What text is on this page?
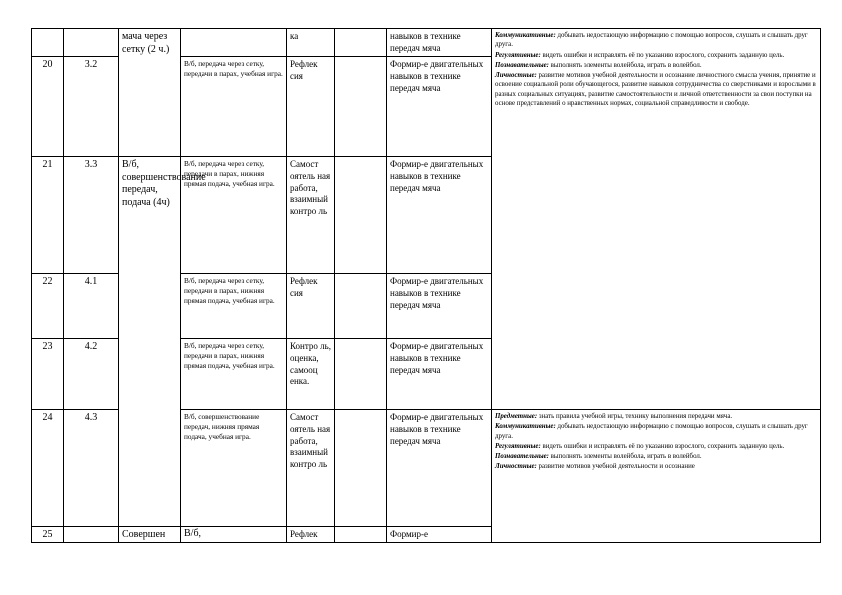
		мача через сетку (2 ч.)		ка		навыков в технике передач мяча	Коммуникативные: добывать недостающую информацию с помощью вопросов, слушать и слышать друг друга.

Регулятивные: видеть ошибки и исправлять её по указанию взрослого, сохранить заданную цель.

Познавательные: выполнять элементы волейбола, играть в волейбол.

Личностные: развитие мотивов учебной деятельности и осознание личностного смысла учения, принятие и освоение социальной роли обучающегося, развитие навыков сотрудничества со сверстниками и взрослыми в разных социальных ситуациях, развитие самостоятельности и личной ответственности за свои поступки на основе представлений о нравственных нормах, социальной справедливости и свободе.

20	3.2		В/б, передача через сетку, передачи в парах, учебная игра.	Рефлек сия		Формир-е двигательных навыков в технике передач мяча	
21	3.3	В/б, совершенствование передач, подача (4ч)	В/б, передача через сетку, передачи в парах, нижняя прямая подача, учебная игра.	Самост оятель ная работа, взаимный контро ль		Формир-е двигательных навыков в технике передач мяча	
22	4.1		В/б, передача через сетку, передачи в парах, нижняя прямая подача, учебная игра.	Рефлек сия		Формир-е двигательных навыков в технике передач мяча	
23	4.2		В/б, передача через сетку, передачи в парах, нижняя прямая подача, учебная игра.	Контро ль, оценка, самооц енка.		Формир-е двигательных навыков в технике передач мяча	
24	4.3		В/б, совершенствование передач, нижняя прямая подача, учебная игра.	Самост оятель ная работа, взаимный контро ль		Формир-е двигательных навыков в технике передач мяча	Предметные: знать правила учебной игры, технику выполнения передачи мяча.

Коммуникативные: добывать недостающую информацию с помощью вопросов, слушать и слышать друг друга.

Регулятивные: видеть ошибки и исправлять её по указанию взрослого, сохранить заданную цель.

Познавательные: выполнять элементы волейбола, играть в волейбол.

Личностные: развитие мотивов учебной деятельности и осознание

25		Совершен	В/б,	Рефлек		Формир-е	
